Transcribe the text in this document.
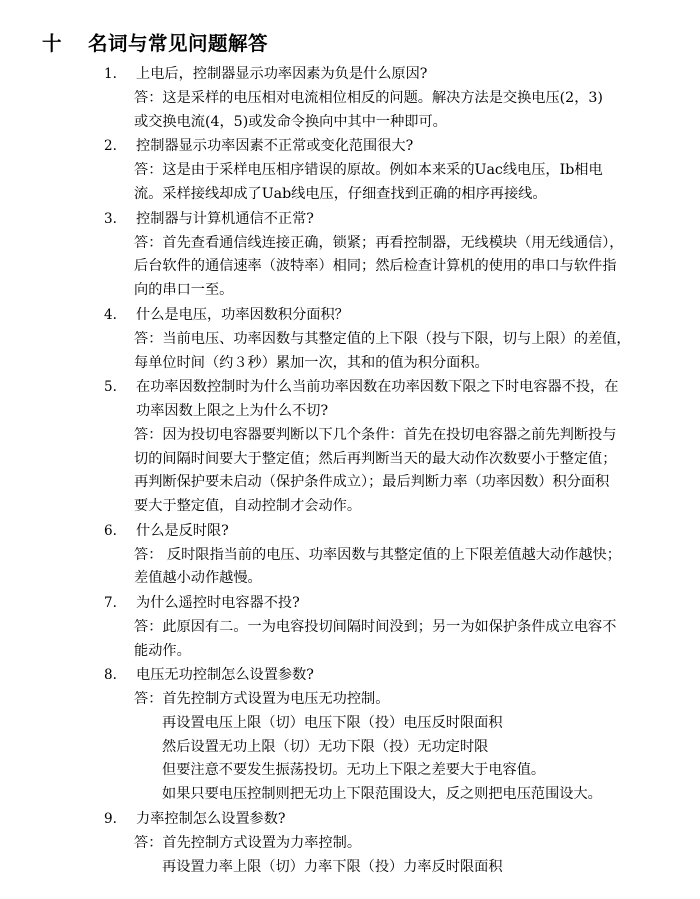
十 名词与常见问题解答
1.	上电后，控制器显示功率因素为负是什么原因?
答：这是采样的电压相对电流相位相反的问题。解决方法是交换电压(2，3)
或交换电流(4，5)或发命令换向中其中一种即可。
2.	控制器显示功率因素不正常或变化范围很大?
答：这是由于采样电压相序错误的原故。例如本来采的Uac线电压，Ib相电
流。采样接线却成了Uab线电压，仔细查找到正确的相序再接线。
3.	控制器与计算机通信不正常?
答：首先查看通信线连接正确，锁紧；再看控制器，无线模块（用无线通信），
后台软件的通信速率（波特率）相同；然后检查计算机的使用的串口与软件指
向的串口一至。
4.	什么是电压，功率因数积分面积？
答：当前电压、功率因数与其整定值的上下限（投与下限，切与上限）的差值，
每单位时间（约３秒）累加一次，其和的值为积分面积。
5.	在功率因数控制时为什么当前功率因数在功率因数下限之下时电容器不投，在
功率因数上限之上为什么不切?
答：因为投切电容器要判断以下几个条件：首先在投切电容器之前先判断投与
切的间隔时间要大于整定值；然后再判断当天的最大动作次数要小于整定值；
再判断保护要未启动（保护条件成立）；最后判断力率（功率因数）积分面积
要大于整定值，自动控制才会动作。
6.	什么是反时限?
答： 反时限指当前的电压、功率因数与其整定值的上下限差值越大动作越快；
差值越小动作越慢。
7.	为什么遥控时电容器不投?
答：此原因有二。一为电容投切间隔时间没到；另一为如保护条件成立电容不
能动作。
8.	电压无功控制怎么设置参数?
答：首先控制方式设置为电压无功控制。
再设置电压上限（切）电压下限（投）电压反时限面积
然后设置无功上限（切）无功下限（投）无功定时限
但要注意不要发生振荡投切。无功上下限之差要大于电容值。
如果只要电压控制则把无功上下限范围设大，反之则把电压范围设大。
9.	力率控制怎么设置参数?
答：首先控制方式设置为力率控制。
再设置力率上限（切）力率下限（投）力率反时限面积
